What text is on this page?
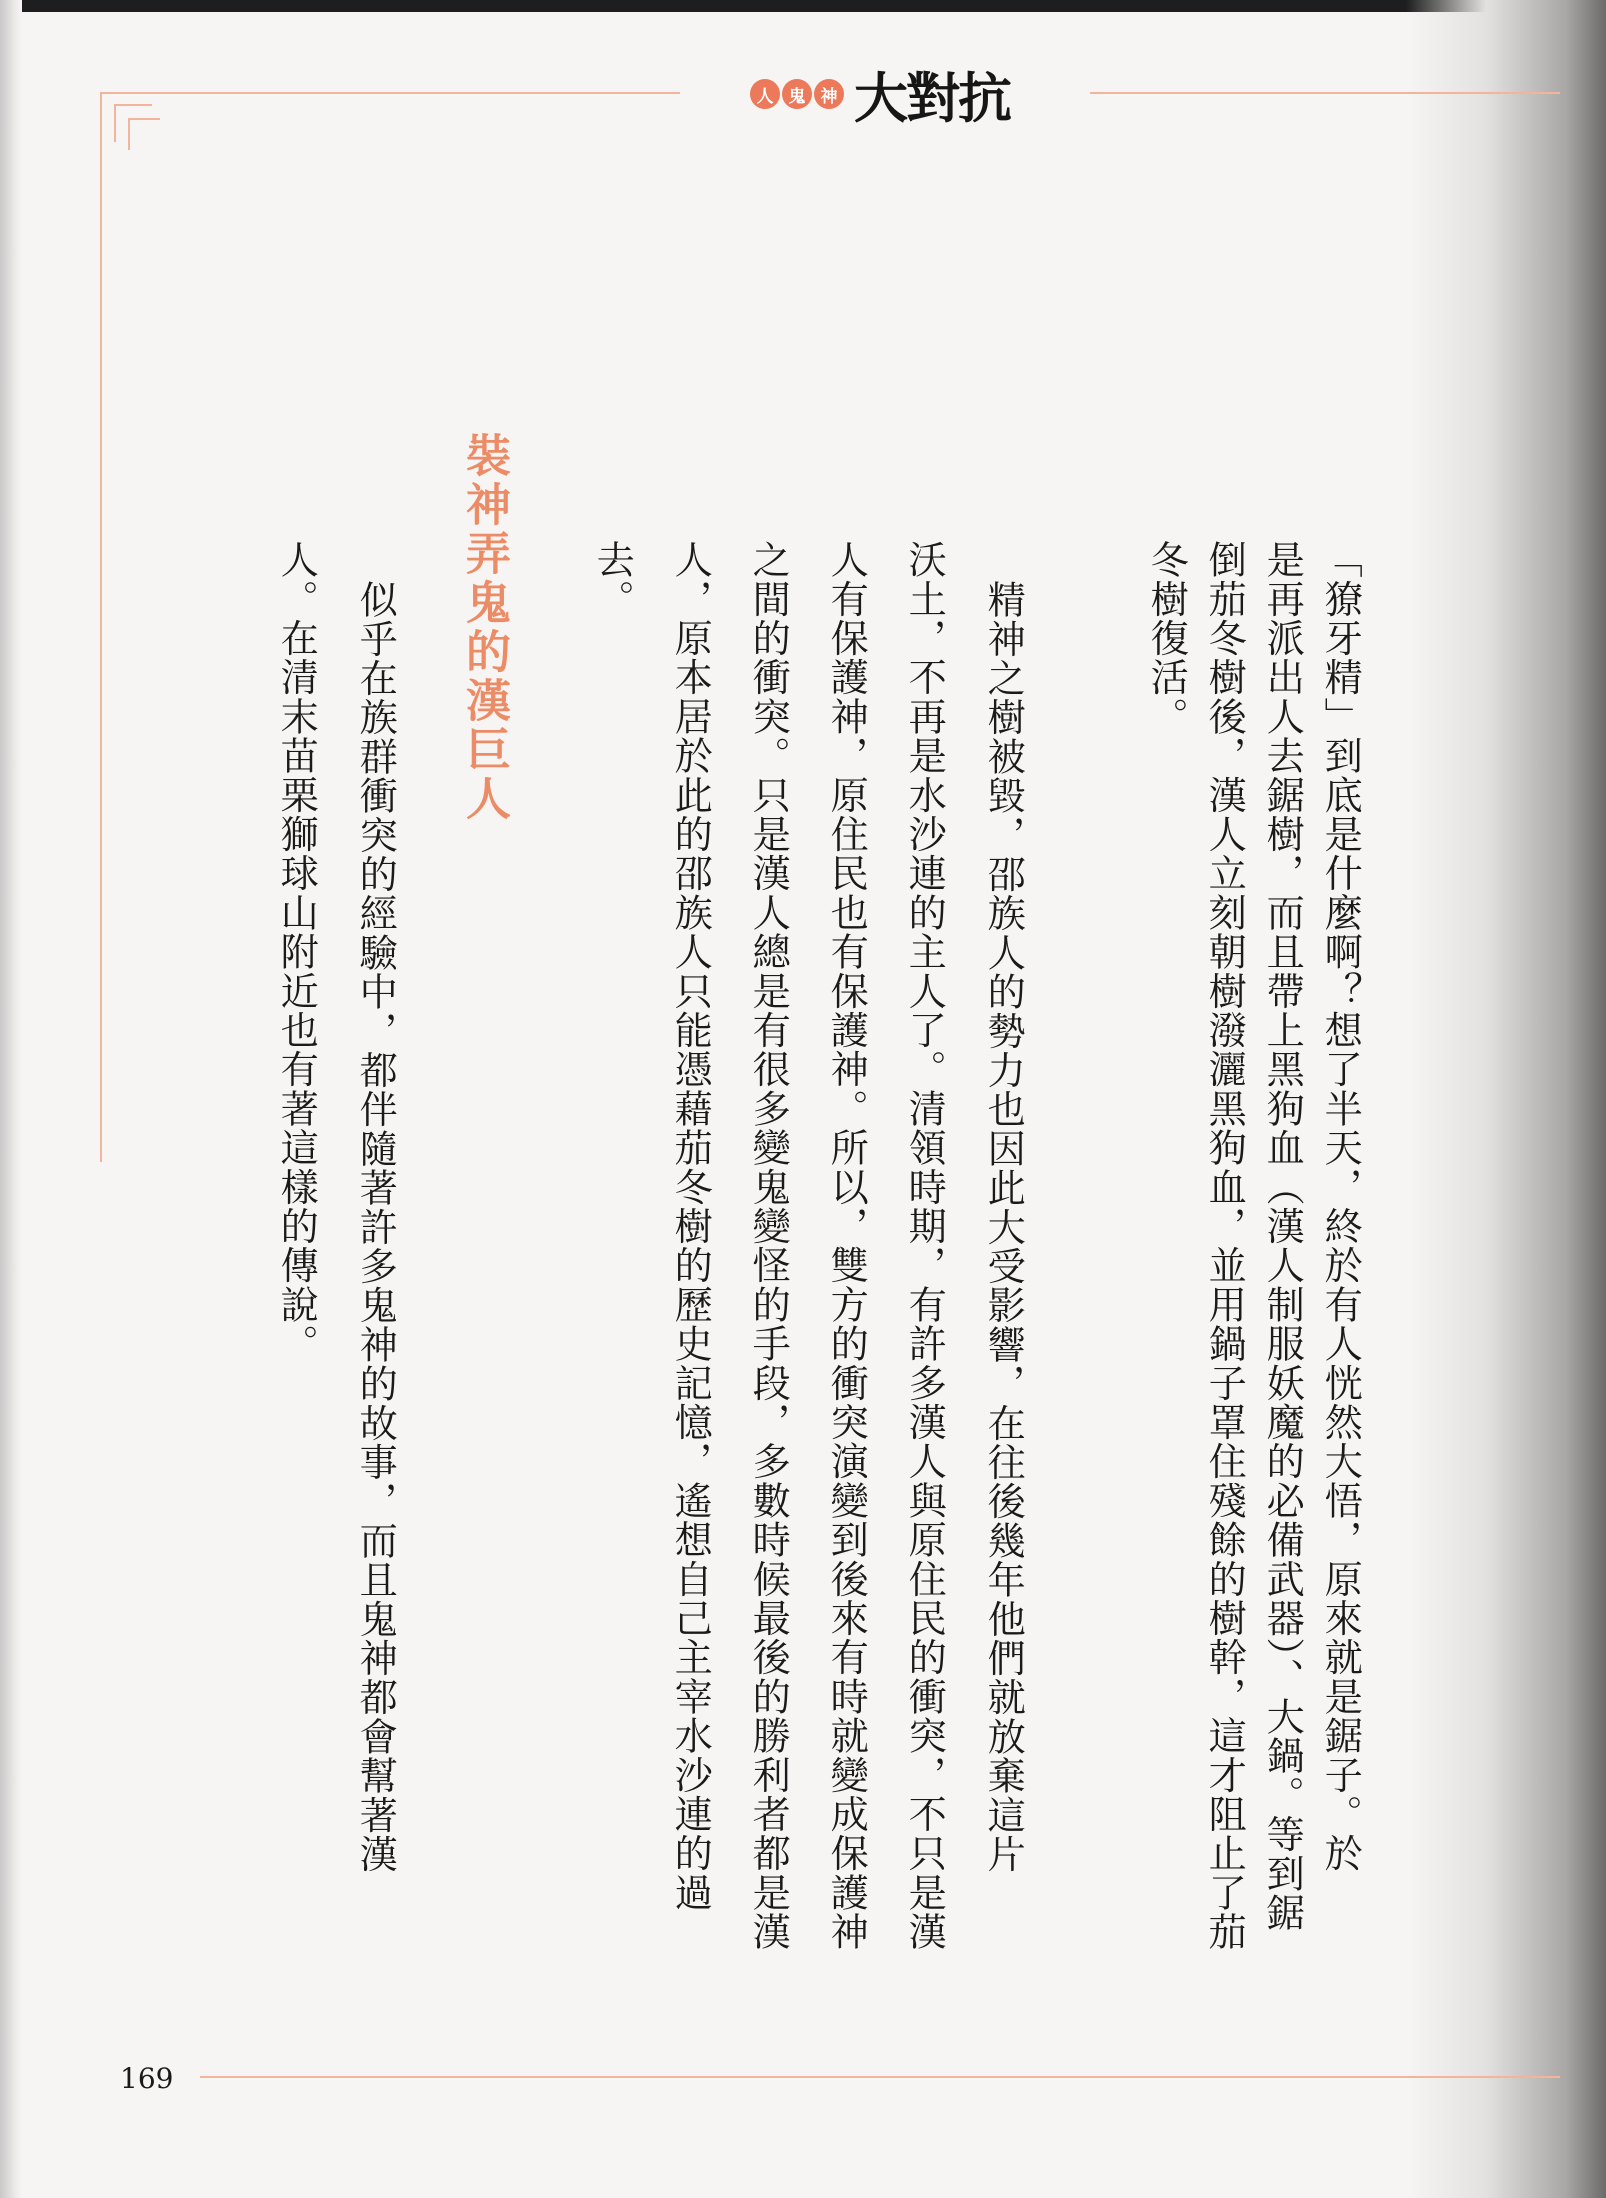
人 鬼 神 大對抗
「獠牙精」到底是什麼啊？想了半天，終於有人恍然大悟，原來就是鋸子。於
是再派出人去鋸樹，而且帶上黑狗血（漢人制服妖魔的必備武器）、大鍋。等到鋸
倒茄冬樹後，漢人立刻朝樹潑灑黑狗血，並用鍋子罩住殘餘的樹幹，這才阻止了茄
冬樹復活。
精神之樹被毀，邵族人的勢力也因此大受影響，在往後幾年他們就放棄這片
沃土，不再是水沙連的主人了。清領時期，有許多漢人與原住民的衝突，不只是漢
人有保護神，原住民也有保護神。所以，雙方的衝突演變到後來有時就變成保護神
之間的衝突。只是漢人總是有很多變鬼變怪的手段，多數時候最後的勝利者都是漢
人，原本居於此的邵族人只能憑藉茄冬樹的歷史記憶，遙想自己主宰水沙連的過
去。
裝神弄鬼的漢巨人
似乎在族群衝突的經驗中，都伴隨著許多鬼神的故事，而且鬼神都會幫著漢
人。在清末苗栗獅球山附近也有著這樣的傳說。
169
